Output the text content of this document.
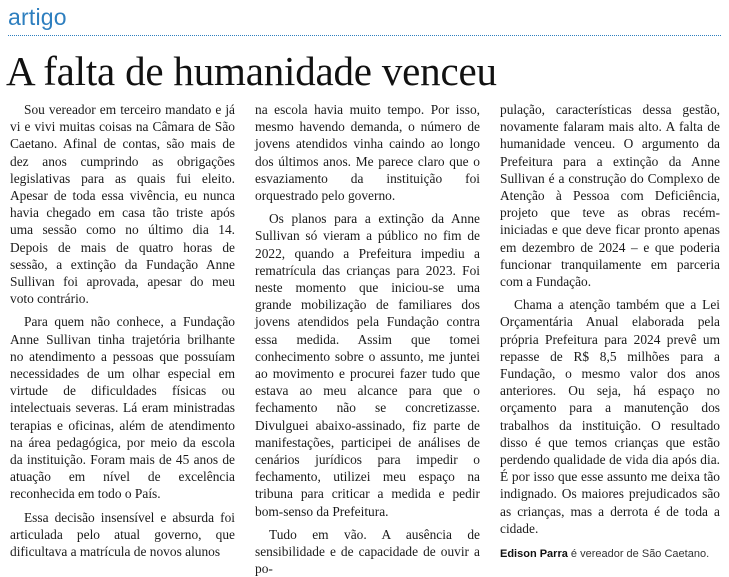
artigo
A falta de humanidade venceu

Sou vereador em terceiro mandato e já vi e vivi muitas coisas na Câmara de São Caetano. Afinal de contas, são mais de dez anos cumprindo as obrigações legislativas para as quais fui eleito. Apesar de toda essa vivência, eu nunca havia chegado em casa tão triste após uma sessão como no último dia 14. Depois de mais de quatro horas de sessão, a extinção da Fundação Anne Sullivan foi aprovada, apesar do meu voto contrário.

Para quem não conhece, a Fundação Anne Sullivan tinha trajetória brilhante no atendimento a pessoas que possuíam necessidades de um olhar especial em virtude de dificuldades físicas ou intelectuais severas. Lá eram ministradas terapias e oficinas, além de atendimento na área pedagógica, por meio da escola da instituição. Foram mais de 45 anos de atuação em nível de excelência reconhecida em todo o País.

Essa decisão insensível e absurda foi articulada pelo atual governo, que dificultava a matrícula de novos alunos

na escola havia muito tempo. Por isso, mesmo havendo demanda, o número de jovens atendidos vinha caindo ao longo dos últimos anos. Me parece claro que o esvaziamento da instituição foi orquestrado pelo governo.

Os planos para a extinção da Anne Sullivan só vieram a público no fim de 2022, quando a Prefeitura impediu a rematrícula das crianças para 2023. Foi neste momento que iniciou-se uma grande mobilização de familiares dos jovens atendidos pela Fundação contra essa medida. Assim que tomei conhecimento sobre o assunto, me juntei ao movimento e procurei fazer tudo que estava ao meu alcance para que o fechamento não se concretizasse. Divulguei abaixo-assinado, fiz parte de manifestações, participei de análises de cenários jurídicos para impedir o fechamento, utilizei meu espaço na tribuna para criticar a medida e pedir bom-senso da Prefeitura.

Tudo em vão. A ausência de sensibilidade e de capacidade de ouvir a po-

pulação, características dessa gestão, novamente falaram mais alto. A falta de humanidade venceu. O argumento da Prefeitura para a extinção da Anne Sullivan é a construção do Complexo de Atenção à Pessoa com Deficiência, projeto que teve as obras recém-iniciadas e que deve ficar pronto apenas em dezembro de 2024 – e que poderia funcionar tranquilamente em parceria com a Fundação.

Chama a atenção também que a Lei Orçamentária Anual elaborada pela própria Prefeitura para 2024 prevê um repasse de R$ 8,5 milhões para a Fundação, o mesmo valor dos anos anteriores. Ou seja, há espaço no orçamento para a manutenção dos trabalhos da instituição. O resultado disso é que temos crianças que estão perdendo qualidade de vida dia após dia. É por isso que esse assunto me deixa tão indignado. Os maiores prejudicados são as crianças, mas a derrota é de toda a cidade.

Edison Parra é vereador de São Caetano.
